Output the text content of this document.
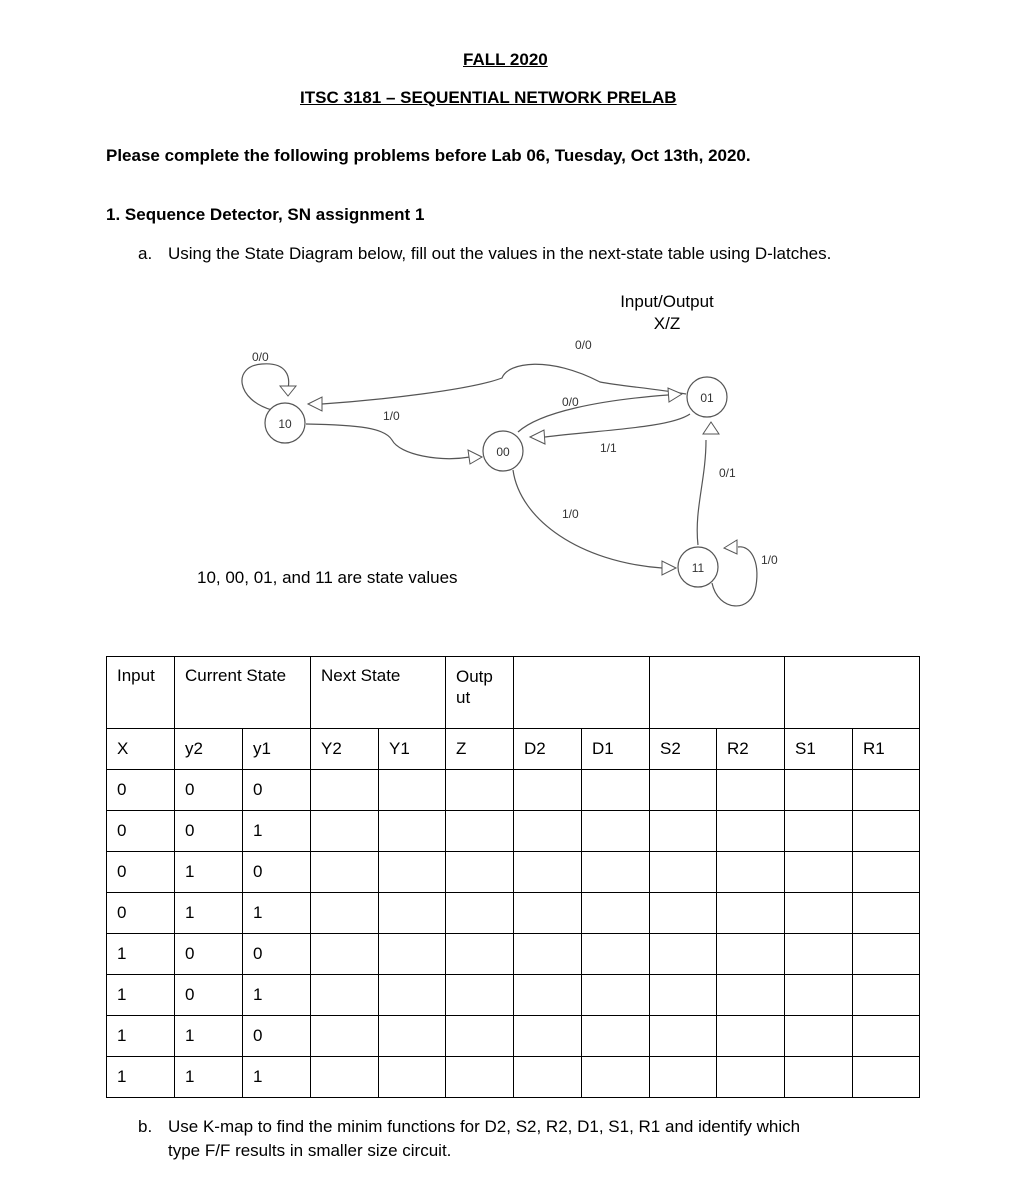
FALL 2020
ITSC 3181 – SEQUENTIAL NETWORK PRELAB
Please complete the following problems before Lab 06, Tuesday, Oct 13th, 2020.
1. Sequence Detector, SN assignment 1
a. Using the State Diagram below, fill out the values in the next-state table using D-latches.
10
00
01
11
0/0
1/0
0/0
0/0
1/1
1/0
0/1
1/0
Input/Output
X/Z
10, 00, 01, and 11 are state values
Input	Current State		Next State		Outp ut						
X	y2	y1	Y2	Y1	Z	D2	D1	S2	R2	S1	R1
0	0	0									
0	0	1									
0	1	0									
0	1	1									
1	0	0									
1	0	1									
1	1	0									
1	1	1									
b. Use K-map to find the minim functions for D2, S2, R2, D1, S1, R1 and identify which
type F/F results in smaller size circuit.
